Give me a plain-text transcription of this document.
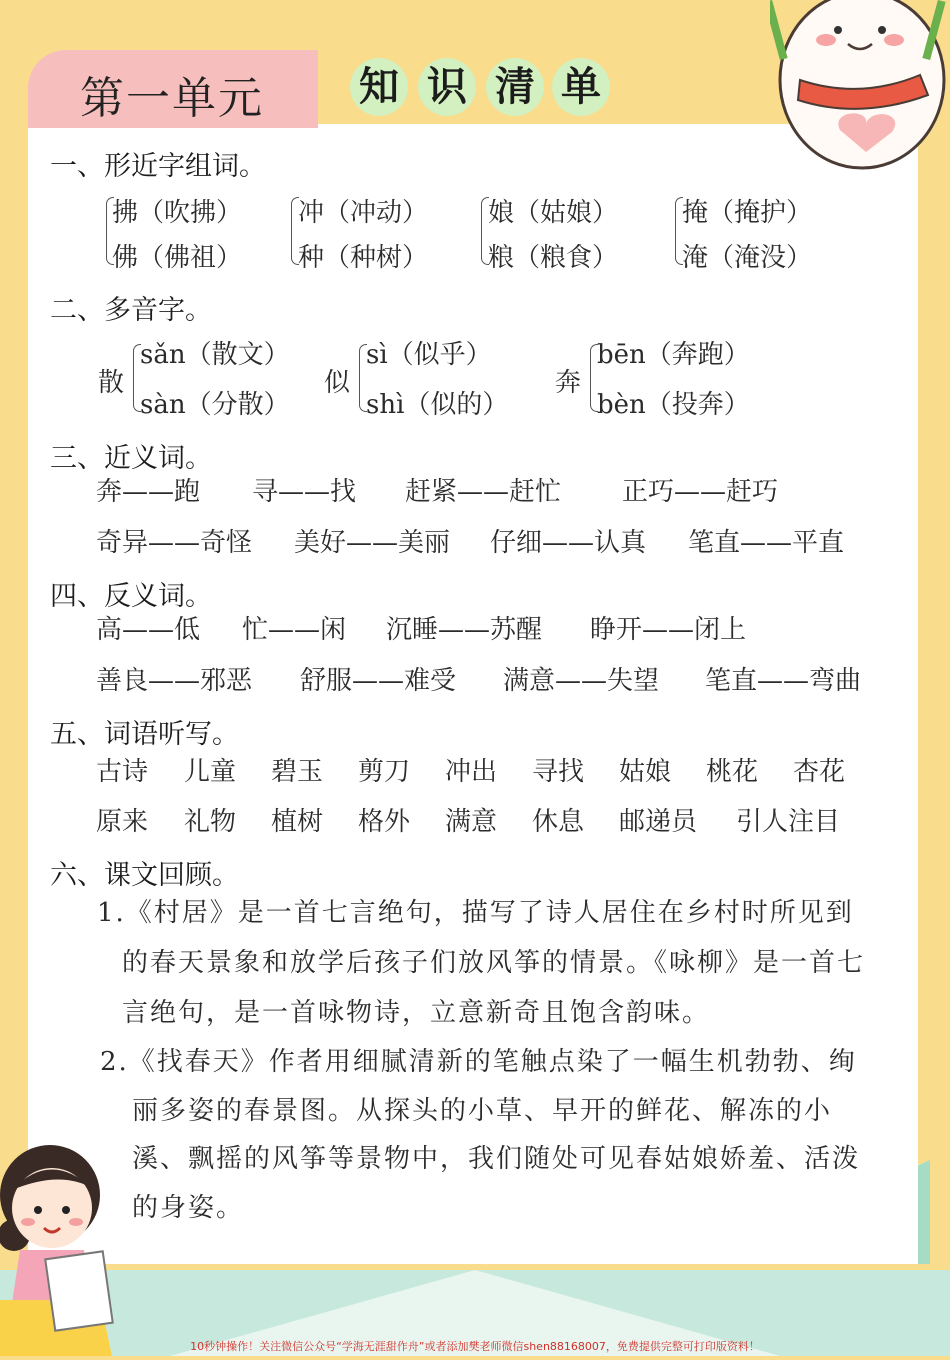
第一单元 知 识 清 单
一、形近字组词。
拂（吹拂）
佛（佛祖）
冲（冲动）
种（种树）
娘（姑娘）
粮（粮食）
掩（掩护）
淹（淹没）
二、多音字。
散
sǎn（散文）
sàn（分散）
似
sì（似乎）
shì（似的）
奔
bēn（奔跑）
bèn（投奔）
三、近义词。
奔——跑 寻——找 赶紧——赶忙 正巧——赶巧
奇异——奇怪 美好——美丽 仔细——认真 笔直——平直
四、反义词。
高——低 忙——闲 沉睡——苏醒 睁开——闭上
善良——邪恶 舒服——难受 满意——失望 笔直——弯曲
五、词语听写。
古诗 儿童 碧玉 剪刀 冲出 寻找 姑娘 桃花 杏花
原来 礼物 植树 格外 满意 休息 邮递员 引人注目
六、课文回顾。
1.《村居》是一首七言绝句，描写了诗人居住在乡村时所见到
的春天景象和放学后孩子们放风筝的情景。《咏柳》是一首七
言绝句，是一首咏物诗，立意新奇且饱含韵味。
2.《找春天》作者用细腻清新的笔触点染了一幅生机勃勃、绚
丽多姿的春景图。从探头的小草、早开的鲜花、解冻的小
溪、飘摇的风筝等景物中，我们随处可见春姑娘娇羞、活泼
的身姿。
10秒钟操作！关注微信公众号“学海无涯甜作舟”或者添加樊老师微信shen88168007，免费提供完整可打印版资料！
